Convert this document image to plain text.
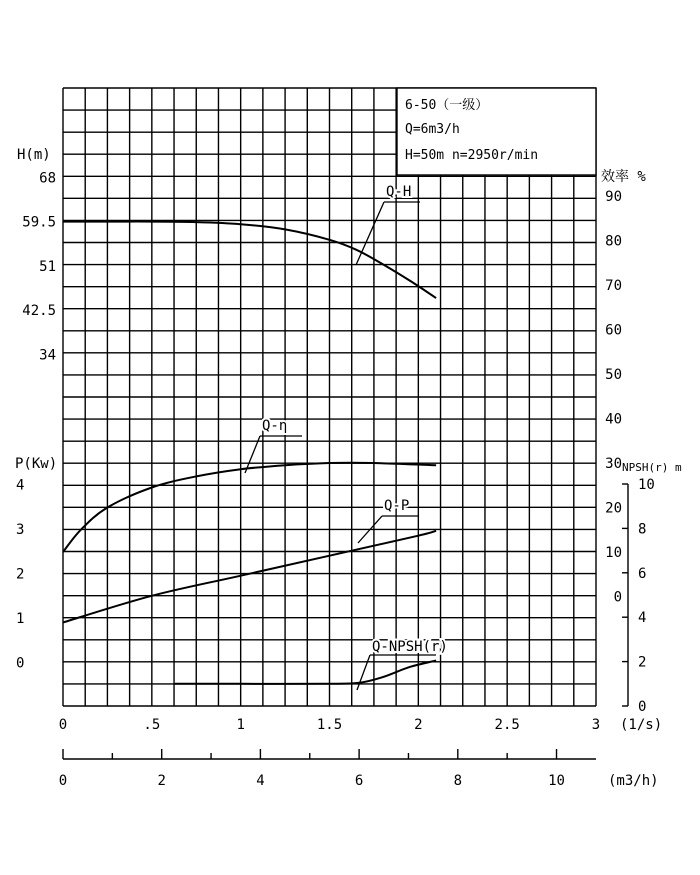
Q-H
Q-η
Q-P
Q-NPSH(r)
6-50（一级）
Q=6m3/h
H=50m n=2950r/min
H(m)
P(Kw)
效率 %
NPSH(r) m
(1/s)
(m3/h)
68
59.5
51
42.5
34
4
3
2
1
0
90
80
70
60
50
40
30
20
10
0
10
8
6
4
2
0
0	.5	1	1.5	2	2.5	3
0	2	4	6	8	10
